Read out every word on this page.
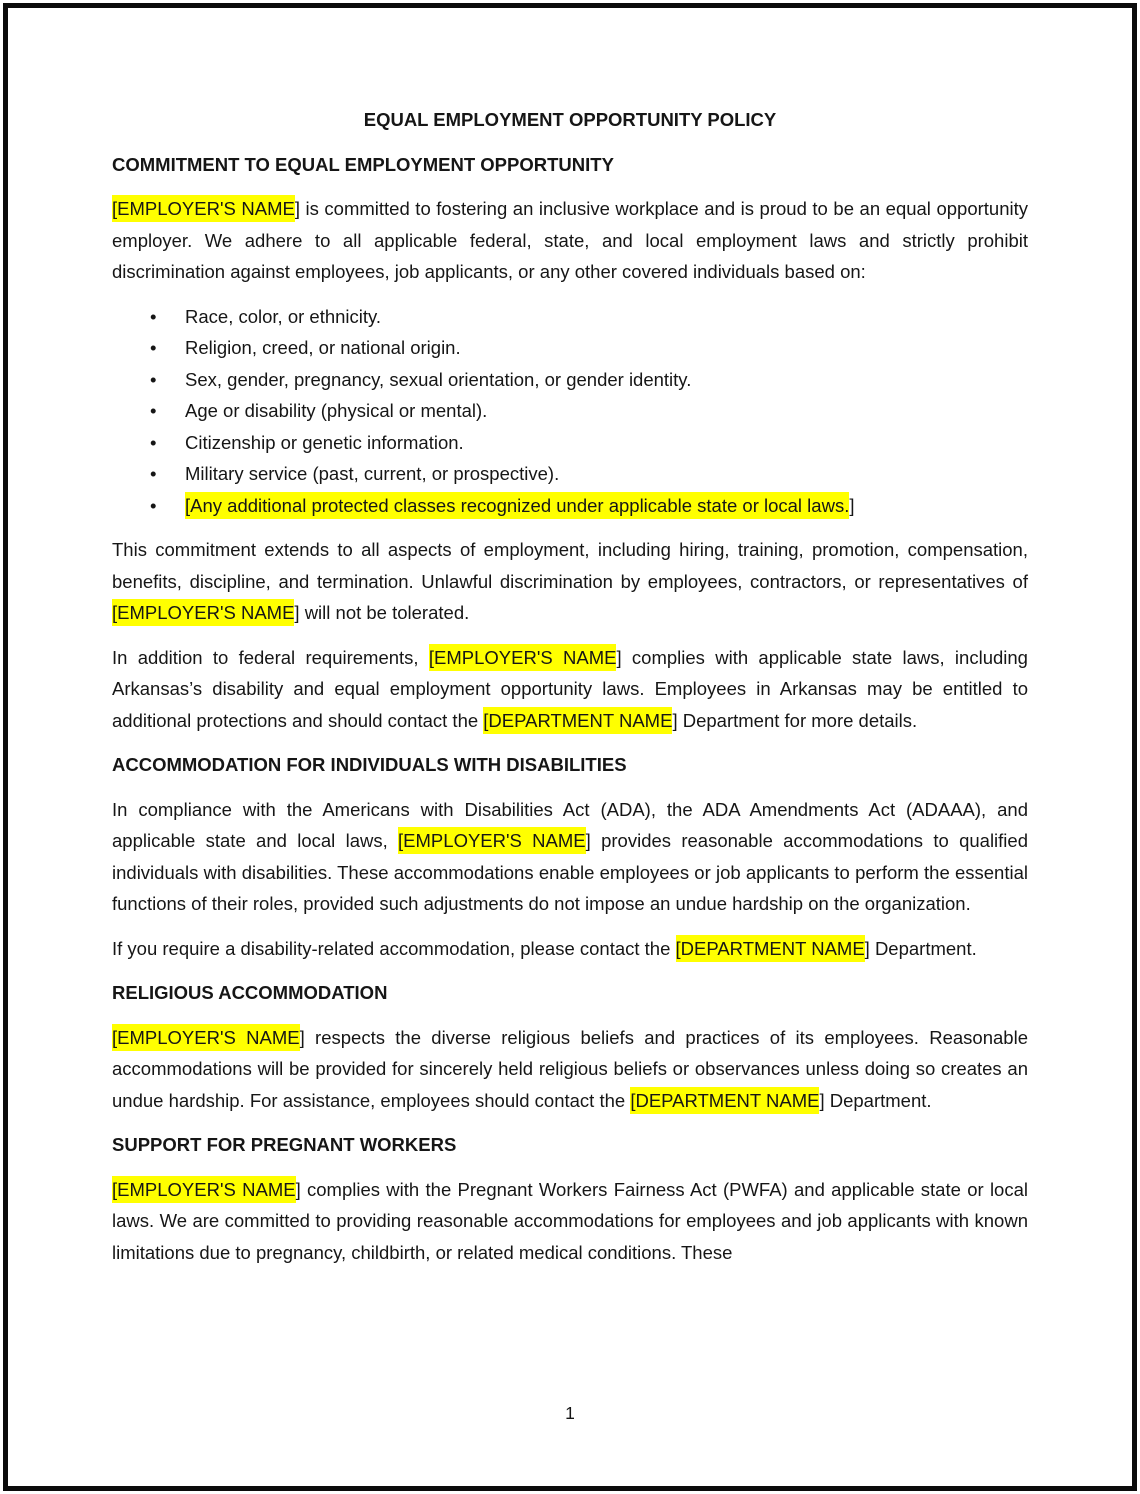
EQUAL EMPLOYMENT OPPORTUNITY POLICY
COMMITMENT TO EQUAL EMPLOYMENT OPPORTUNITY

[EMPLOYER'S NAME] is committed to fostering an inclusive workplace and is proud to be an equal opportunity employer. We adhere to all applicable federal, state, and local employment laws and strictly prohibit discrimination against employees, job applicants, or any other covered individuals based on:

• Race, color, or ethnicity.
• Religion, creed, or national origin.
• Sex, gender, pregnancy, sexual orientation, or gender identity.
• Age or disability (physical or mental).
• Citizenship or genetic information.
• Military service (past, current, or prospective).
• [Any additional protected classes recognized under applicable state or local laws.]

This commitment extends to all aspects of employment, including hiring, training, promotion, compensation, benefits, discipline, and termination. Unlawful discrimination by employees, contractors, or representatives of [EMPLOYER'S NAME] will not be tolerated.

In addition to federal requirements, [EMPLOYER'S NAME] complies with applicable state laws, including Arkansas’s disability and equal employment opportunity laws. Employees in Arkansas may be entitled to additional protections and should contact the [DEPARTMENT NAME] Department for more details.

ACCOMMODATION FOR INDIVIDUALS WITH DISABILITIES

In compliance with the Americans with Disabilities Act (ADA), the ADA Amendments Act (ADAAA), and applicable state and local laws, [EMPLOYER'S NAME] provides reasonable accommodations to qualified individuals with disabilities. These accommodations enable employees or job applicants to perform the essential functions of their roles, provided such adjustments do not impose an undue hardship on the organization.

If you require a disability-related accommodation, please contact the [DEPARTMENT NAME] Department.

RELIGIOUS ACCOMMODATION

[EMPLOYER'S NAME] respects the diverse religious beliefs and practices of its employees. Reasonable accommodations will be provided for sincerely held religious beliefs or observances unless doing so creates an undue hardship. For assistance, employees should contact the [DEPARTMENT NAME] Department.

SUPPORT FOR PREGNANT WORKERS

[EMPLOYER'S NAME] complies with the Pregnant Workers Fairness Act (PWFA) and applicable state or local laws. We are committed to providing reasonable accommodations for employees and job applicants with known limitations due to pregnancy, childbirth, or related medical conditions. These

1
